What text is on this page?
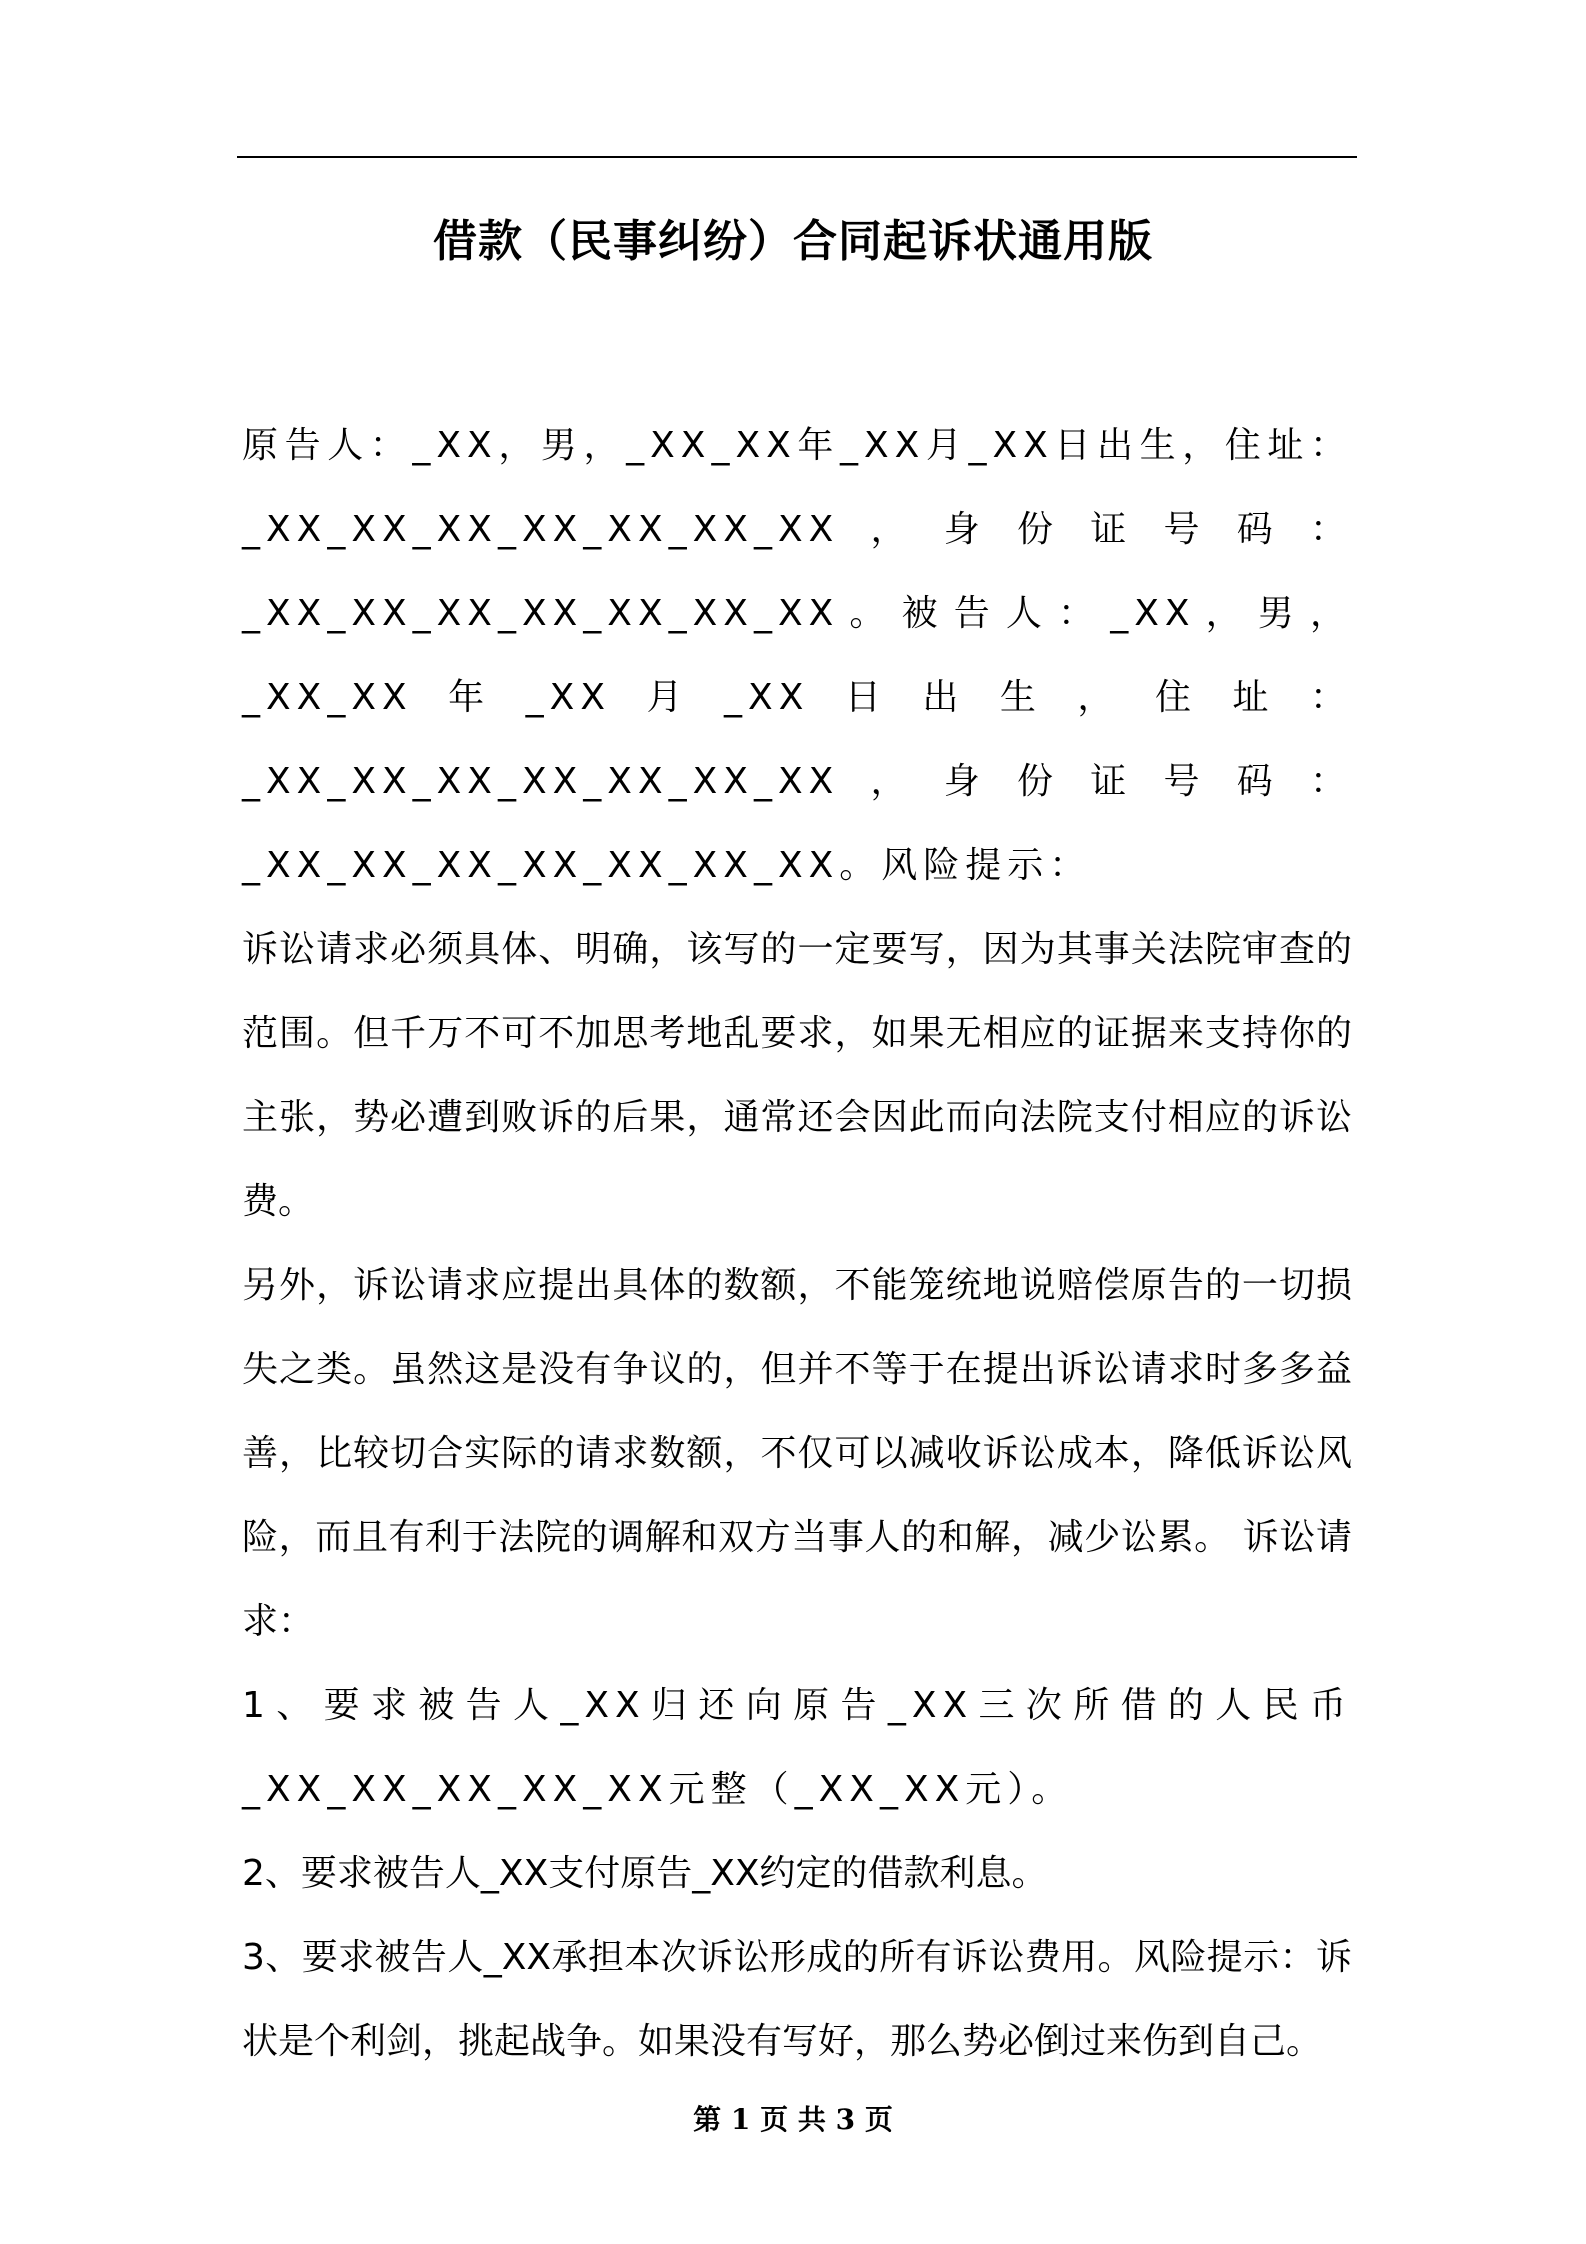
借款（民事纠纷）合同起诉状通用版

原告人：_XX，男，_XX_XX年_XX月_XX日出生，住址：_XX_XX_XX_XX_XX_XX_XX，身份证号码：_XX_XX_XX_XX_XX_XX_XX。被告人：_XX，男，_XX_XX年_XX月_XX日出生，住址：_XX_XX_XX_XX_XX_XX_XX，身份证号码：_XX_XX_XX_XX_XX_XX_XX。风险提示：

诉讼请求必须具体、明确，该写的一定要写，因为其事关法院审查的范围。但千万不可不加思考地乱要求，如果无相应的证据来支持你的主张，势必遭到败诉的后果，通常还会因此而向法院支付相应的诉讼费。

另外，诉讼请求应提出具体的数额，不能笼统地说赔偿原告的一切损失之类。虽然这是没有争议的，但并不等于在提出诉讼请求时多多益善，比较切合实际的请求数额，不仅可以减收诉讼成本，降低诉讼风险，而且有利于法院的调解和双方当事人的和解，减少讼累。 诉讼请求：

1、要求被告人_XX归还向原告_XX三次所借的人民币_XX_XX_XX_XX_XX元整（_XX_XX元）。

2、要求被告人_XX支付原告_XX约定的借款利息。

3、要求被告人_XX承担本次诉讼形成的所有诉讼费用。风险提示：诉状是个利剑，挑起战争。如果没有写好，那么势必倒过来伤到自己。

第 1 页 共 3 页
